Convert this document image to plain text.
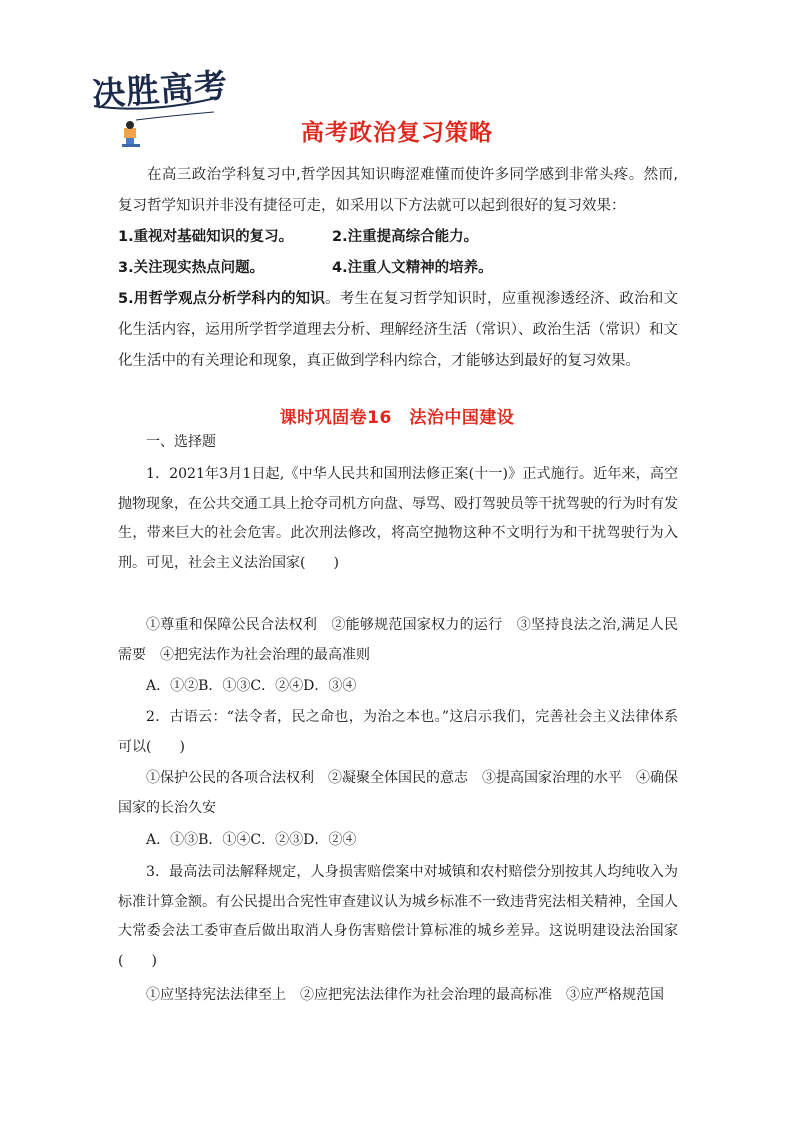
决胜高考
高考政治复习策略
在高三政治学科复习中,哲学因其知识晦涩难懂而使许多同学感到非常头疼。然而,复习哲学知识并非没有捷径可走，如采用以下方法就可以起到很好的复习效果：
1.重视对基础知识的复习。	2.注重提高综合能力。
3.关注现实热点问题。	4.注重人文精神的培养。
5.用哲学观点分析学科内的知识。考生在复习哲学知识时，应重视渗透经济、政治和文化生活内容，运用所学哲学道理去分析、理解经济生活（常识）、政治生活（常识）和文化生活中的有关理论和现象，真正做到学科内综合，才能够达到最好的复习效果。
课时巩固卷16　法治中国建设
一、选择题
1．2021年3月1日起,《中华人民共和国刑法修正案(十一)》正式施行。近年来，高空抛物现象，在公共交通工具上抢夺司机方向盘、辱骂、殴打驾驶员等干扰驾驶的行为时有发生，带来巨大的社会危害。此次刑法修改，将高空抛物这种不文明行为和干扰驾驶行为入刑。可见，社会主义法治国家(　　)
①尊重和保障公民合法权利　②能够规范国家权力的运行　③坚持良法之治,满足人民需要　④把宪法作为社会治理的最高准则
A．①②B．①③C．②④D．③④
2．古语云：“法令者，民之命也，为治之本也。”这启示我们，完善社会主义法律体系可以(　　)
①保护公民的各项合法权利　②凝聚全体国民的意志　③提高国家治理的水平　④确保国家的长治久安
A．①③B．①④C．②③D．②④
3．最高法司法解释规定，人身损害赔偿案中对城镇和农村赔偿分别按其人均纯收入为标准计算金额。有公民提出合宪性审查建议认为城乡标准不一致违背宪法相关精神，全国人大常委会法工委审查后做出取消人身伤害赔偿计算标准的城乡差异。这说明建设法治国家(　　)
①应坚持宪法法律至上　②应把宪法法律作为社会治理的最高标准　③应严格规范国
